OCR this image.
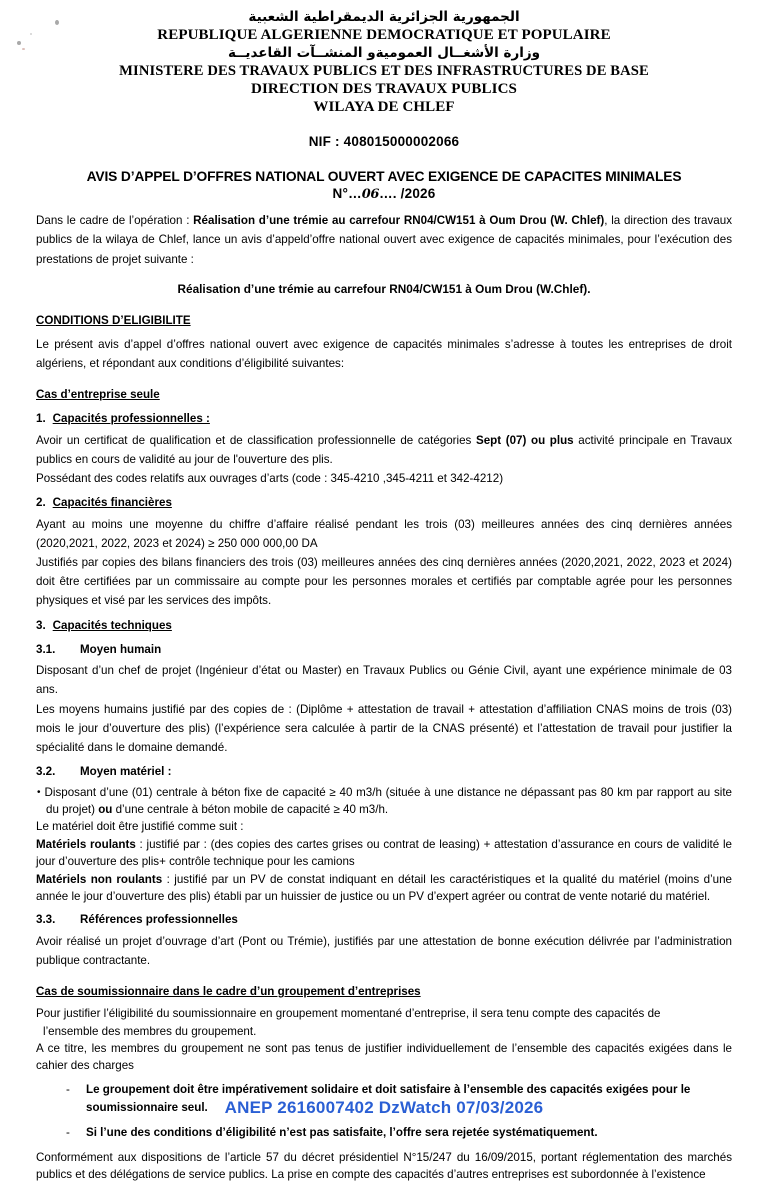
الجمهورية الجزائرية الديمقراطية الشعبية
REPUBLIQUE ALGERIENNE DEMOCRATIQUE ET POPULAIRE
وزارة الأشغــال العموميةو المنشــآت القاعديــة
MINISTERE DES TRAVAUX PUBLICS ET DES INFRASTRUCTURES DE BASE
DIRECTION DES TRAVAUX PUBLICS
WILAYA DE CHLEF
NIF : 408015000002066
AVIS D’APPEL D’OFFRES NATIONAL OUVERT AVEC EXIGENCE DE CAPACITES MINIMALES
N°…06…. /2026

Dans le cadre de l’opération : Réalisation d’une trémie au carrefour RN04/CW151 à Oum Drou (W. Chlef), la direction des travaux publics de la wilaya de Chlef, lance un avis d’appeld’offre national ouvert avec exigence de capacités minimales, pour l’exécution des prestations de projet suivante :

Réalisation d’une trémie au carrefour RN04/CW151 à Oum Drou (W.Chlef).

CONDITIONS D’ELIGIBILITE

Le présent avis d’appel d’offres national ouvert avec exigence de capacités minimales s’adresse à toutes les entreprises de droit algériens, et répondant aux conditions d’éligibilité suivantes:

Cas d’entreprise seule
1. Capacités professionnelles :

Avoir un certificat de qualification et de classification professionnelle de catégories Sept (07) ou plus activité principale en Travaux publics en cours de validité au jour de l'ouverture des plis.

Possédant des codes relatifs aux ouvrages d’arts (code : 345-4210 ,345-4211 et 342-4212)

2. Capacités financières

Ayant au moins une moyenne du chiffre d’affaire réalisé pendant les trois (03) meilleures années des cinq dernières années (2020,2021, 2022, 2023 et 2024) ≥ 250 000 000,00 DA

Justifiés par copies des bilans financiers des trois (03) meilleures années des cinq dernières années (2020,2021, 2022, 2023 et 2024) doit être certifiées par un commissaire au compte pour les personnes morales et certifiés par comptable agrée pour les personnes physiques et visé par les services des impôts.

3. Capacités techniques
3.1. Moyen humain

Disposant d’un chef de projet (Ingénieur d’état ou Master) en Travaux Publics ou Génie Civil, ayant une expérience minimale de 03 ans.

Les moyens humains justifié par des copies de : (Diplôme + attestation de travail + attestation d’affiliation CNAS moins de trois (03) mois le jour d’ouverture des plis) (l’expérience sera calculée à partir de la CNAS présenté) et l’attestation de travail pour justifier la spécialité dans le domaine demandé.

3.2. Moyen matériel :

• Disposant d’une (01) centrale à béton fixe de capacité ≥ 40 m3/h (située à une distance ne dépassant pas 80 km par rapport au site du projet) ou d’une centrale à béton mobile de capacité ≥ 40 m3/h.

Le matériel doit être justifié comme suit :

Matériels roulants : justifié par : (des copies des cartes grises ou contrat de leasing) + attestation d’assurance en cours de validité le jour d’ouverture des plis+ contrôle technique pour les camions

Matériels non roulants : justifié par un PV de constat indiquant en détail les caractéristiques et la qualité du matériel (moins d’une année le jour d’ouverture des plis) établi par un huissier de justice ou un PV d’expert agréer ou contrat de vente notarié du matériel.

3.3. Références professionnelles

Avoir réalisé un projet d’ouvrage d’art (Pont ou Trémie), justifiés par une attestation de bonne exécution délivrée par l’administration publique contractante.

Cas de soumissionnaire dans le cadre d’un groupement d’entreprises

Pour justifier l’éligibilité du soumissionnaire en groupement momentané d’entreprise, il sera tenu compte des capacités de

l’ensemble des membres du groupement.

A ce titre, les membres du groupement ne sont pas tenus de justifier individuellement de l’ensemble des capacités exigées dans le cahier des charges

- Le groupement doit être impérativement solidaire et doit satisfaire à l’ensemble des capacités exigées pour le soumissionnaire seul.
- Si l’une des conditions d’éligibilité n’est pas satisfaite, l’offre sera rejetée systématiquement.

Conformément aux dispositions de l’article 57 du décret présidentiel N°15/247 du 16/09/2015, portant réglementation des marchés publics et des délégations de service publics. La prise en compte des capacités d’autres entreprises est subordonnée à l’existence

ANEP 2616007402 DzWatch 07/03/2026
